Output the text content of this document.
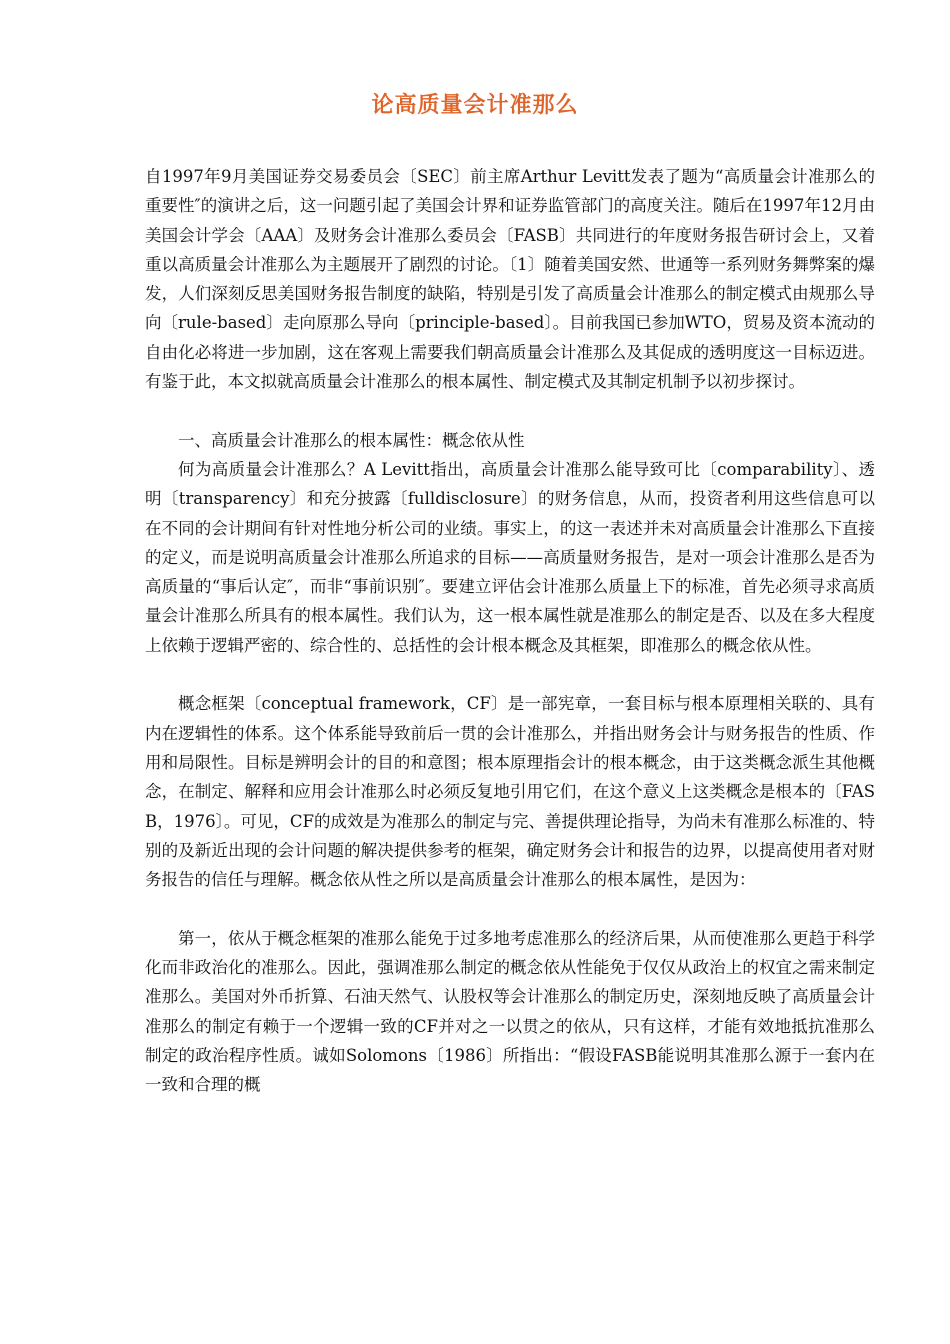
论高质量会计准那么

自1997年9月美国证券交易委员会〔SEC〕前主席Arthur Levitt发表了题为“高质量会计准那么的重要性″的演讲之后，这一问题引起了美国会计界和证券监管部门的高度关注。随后在1997年12月由美国会计学会〔AAA〕及财务会计准那么委员会〔FASB〕共同进行的年度财务报告研讨会上，又着重以高质量会计准那么为主题展开了剧烈的讨论。〔1〕随着美国安然、世通等一系列财务舞弊案的爆发，人们深刻反思美国财务报告制度的缺陷，特别是引发了高质量会计准那么的制定模式由规那么导向〔rule-based〕走向原那么导向〔principle-based〕。目前我国已参加WTO，贸易及资本流动的自由化必将进一步加剧，这在客观上需要我们朝高质量会计准那么及其促成的透明度这一目标迈进。有鉴于此，本文拟就高质量会计准那么的根本属性、制定模式及其制定机制予以初步探讨。

一、高质量会计准那么的根本属性：概念依从性

何为高质量会计准那么？A Levitt指出，高质量会计准那么能导致可比〔comparability〕、透明〔transparency〕和充分披露〔fulldisclosure〕的财务信息，从而，投资者利用这些信息可以在不同的会计期间有针对性地分析公司的业绩。事实上，的这一表述并未对高质量会计准那么下直接的定义，而是说明高质量会计准那么所追求的目标——高质量财务报告，是对一项会计准那么是否为高质量的“事后认定″，而非“事前识别″。要建立评估会计准那么质量上下的标准，首先必须寻求高质量会计准那么所具有的根本属性。我们认为，这一根本属性就是准那么的制定是否、以及在多大程度上依赖于逻辑严密的、综合性的、总括性的会计根本概念及其框架，即准那么的概念依从性。

概念框架〔conceptual framework，CF〕是一部宪章，一套目标与根本原理相关联的、具有内在逻辑性的体系。这个体系能导致前后一贯的会计准那么，并指出财务会计与财务报告的性质、作用和局限性。目标是辨明会计的目的和意图；根本原理指会计的根本概念，由于这类概念派生其他概念，在制定、解释和应用会计准那么时必须反复地引用它们，在这个意义上这类概念是根本的〔FASB，1976〕。可见，CF的成效是为准那么的制定与完、善提供理论指导，为尚未有准那么标准的、特别的及新近出现的会计问题的解决提供参考的框架，确定财务会计和报告的边界，以提高使用者对财务报告的信任与理解。概念依从性之所以是高质量会计准那么的根本属性，是因为：

第一，依从于概念框架的准那么能免于过多地考虑准那么的经济后果，从而使准那么更趋于科学化而非政治化的准那么。因此，强调准那么制定的概念依从性能免于仅仅从政治上的权宜之需来制定准那么。美国对外币折算、石油天然气、认股权等会计准那么的制定历史，深刻地反映了高质量会计准那么的制定有赖于一个逻辑一致的CF并对之一以贯之的依从，只有这样，才能有效地抵抗准那么制定的政治程序性质。诚如Solomons〔1986〕所指出：“假设FASB能说明其准那么源于一套内在一致和合理的概
